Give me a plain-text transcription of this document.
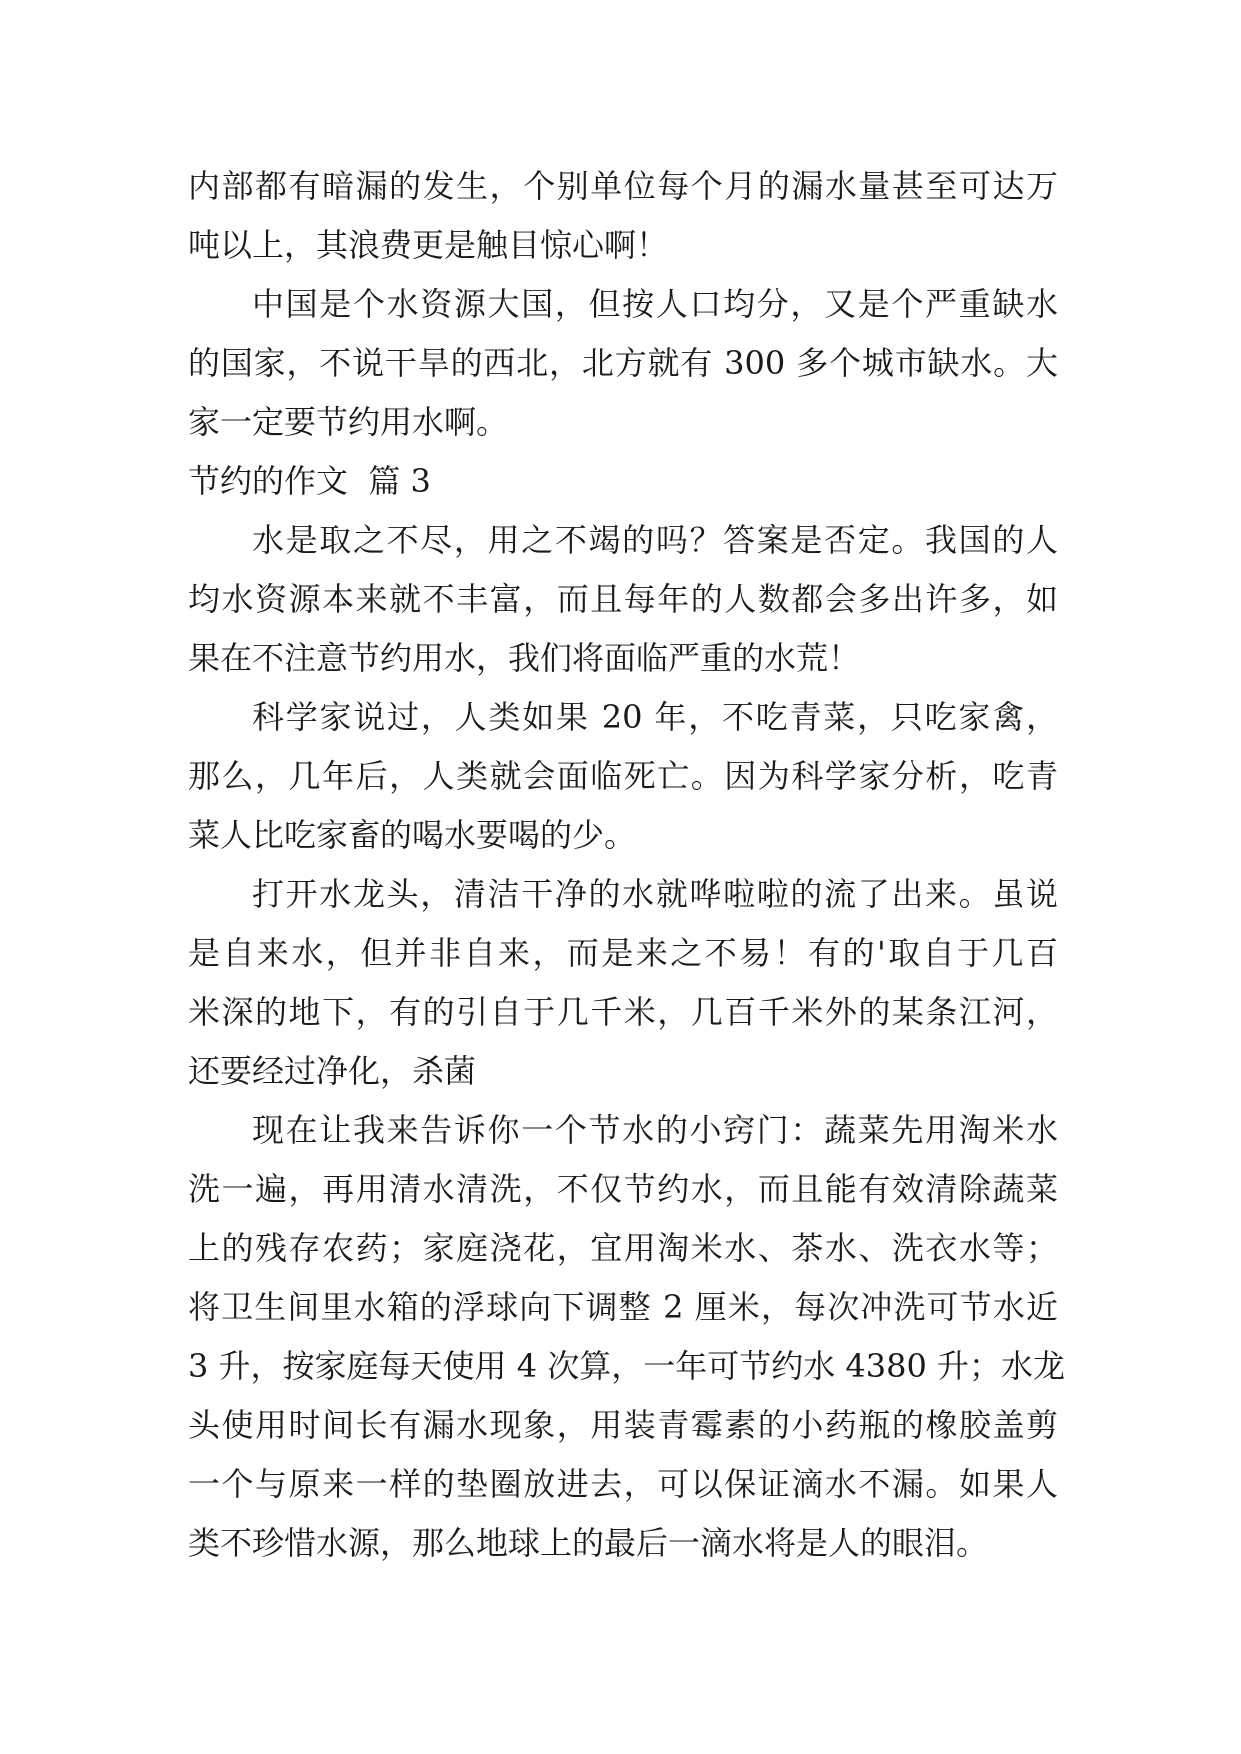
内部都有暗漏的发生，个别单位每个月的漏水量甚至可达万
吨以上，其浪费更是触目惊心啊！
中国是个水资源大国，但按人口均分，又是个严重缺水
的国家，不说干旱的西北，北方就有 300 多个城市缺水。大
家一定要节约用水啊。
节约的作文  篇 3
水是取之不尽，用之不竭的吗？答案是否定。我国的人
均水资源本来就不丰富，而且每年的人数都会多出许多，如
果在不注意节约用水，我们将面临严重的水荒！
科学家说过，人类如果 20 年，不吃青菜，只吃家禽，
那么，几年后，人类就会面临死亡。因为科学家分析，吃青
菜人比吃家畜的喝水要喝的少。
打开水龙头，清洁干净的水就哗啦啦的流了出来。虽说
是自来水，但并非自来，而是来之不易！有的'取自于几百
米深的地下，有的引自于几千米，几百千米外的某条江河，
还要经过净化，杀菌
现在让我来告诉你一个节水的小窍门：蔬菜先用淘米水
洗一遍，再用清水清洗，不仅节约水，而且能有效清除蔬菜
上的残存农药；家庭浇花，宜用淘米水、茶水、洗衣水等；
将卫生间里水箱的浮球向下调整 2 厘米，每次冲洗可节水近
3 升，按家庭每天使用 4 次算，一年可节约水 4380 升；水龙
头使用时间长有漏水现象，用装青霉素的小药瓶的橡胶盖剪
一个与原来一样的垫圈放进去，可以保证滴水不漏。如果人
类不珍惜水源，那么地球上的最后一滴水将是人的眼泪。
